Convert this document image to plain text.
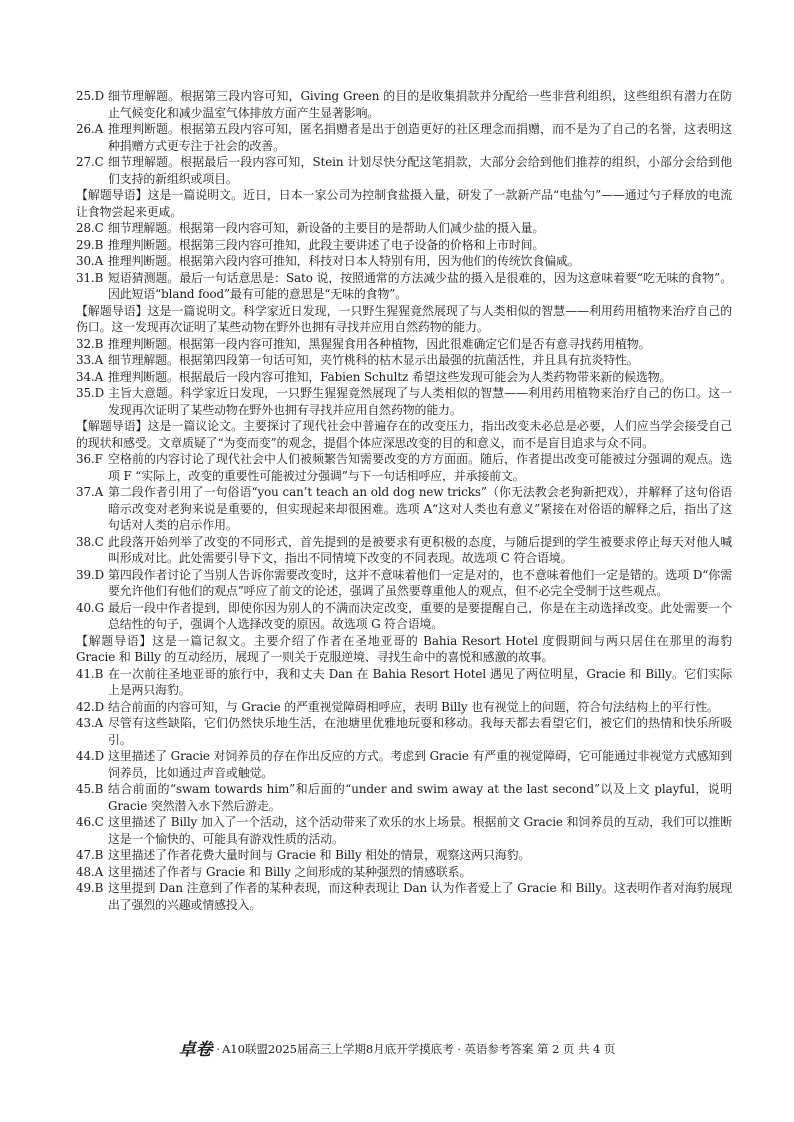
25.D 细节理解题。根据第三段内容可知，Giving Green 的目的是收集捐款并分配给一些非营利组织，这些组织有潜力在防止气候变化和减少温室气体排放方面产生显著影响。
26.A 推理判断题。根据第五段内容可知，匿名捐赠者是出于创造更好的社区理念而捐赠，而不是为了自己的名誉，这表明这种捐赠方式更专注于社会的改善。
27.C 细节理解题。根据最后一段内容可知，Stein 计划尽快分配这笔捐款，大部分会给到他们推荐的组织，小部分会给到他们支持的新组织或项目。
【解题导语】这是一篇说明文。近日，日本一家公司为控制食盐摄入量，研发了一款新产品“电盐勺”——通过勺子释放的电流让食物尝起来更咸。
28.C 细节理解题。根据第一段内容可知，新设备的主要目的是帮助人们减少盐的摄入量。
29.B 推理判断题。根据第三段内容可推知，此段主要讲述了电子设备的价格和上市时间。
30.A 推理判断题。根据第六段内容可推知，科技对日本人特别有用，因为他们的传统饮食偏咸。
31.B 短语猜测题。最后一句话意思是：Sato 说，按照通常的方法减少盐的摄入是很难的，因为这意味着要“吃无味的食物”。因此短语“bland food”最有可能的意思是“无味的食物”。
【解题导语】这是一篇说明文。科学家近日发现，一只野生猩猩竟然展现了与人类相似的智慧——利用药用植物来治疗自己的伤口。这一发现再次证明了某些动物在野外也拥有寻找并应用自然药物的能力。
32.B 推理判断题。根据第一段内容可推知，黑猩猩食用各种植物，因此很难确定它们是否有意寻找药用植物。
33.A 细节理解题。根据第四段第一句话可知，夹竹桃科的枯木显示出最强的抗菌活性，并且具有抗炎特性。
34.A 推理判断题。根据最后一段内容可推知，Fabien Schultz 希望这些发现可能会为人类药物带来新的候选物。
35.D 主旨大意题。科学家近日发现，一只野生猩猩竟然展现了与人类相似的智慧——利用药用植物来治疗自己的伤口。这一发现再次证明了某些动物在野外也拥有寻找并应用自然药物的能力。
【解题导语】这是一篇议论文。主要探讨了现代社会中普遍存在的改变压力，指出改变未必总是必要，人们应当学会接受自己的现状和感受。文章质疑了“为变而变”的观念，提倡个体应深思改变的目的和意义，而不是盲目追求与众不同。
36.F 空格前的内容讨论了现代社会中人们被频繁告知需要改变的方方面面。随后，作者提出改变可能被过分强调的观点。选项 F “实际上，改变的重要性可能被过分强调”与下一句话相呼应，并承接前文。
37.A 第二段作者引用了一句俗语“you can’t teach an old dog new tricks”（你无法教会老狗新把戏），并解释了这句俗语暗示改变对老狗来说是重要的，但实现起来却很困难。选项 A“这对人类也有意义”紧接在对俗语的解释之后，指出了这句话对人类的启示作用。
38.C 此段落开始列举了改变的不同形式，首先提到的是被要求有更积极的态度，与随后提到的学生被要求停止每天对他人喊叫形成对比。此处需要引导下文，指出不同情境下改变的不同表现。故选项 C 符合语境。
39.D 第四段作者讨论了当别人告诉你需要改变时，这并不意味着他们一定是对的，也不意味着他们一定是错的。选项 D“你需要允许他们有他们的观点”呼应了前文的论述，强调了虽然要尊重他人的观点，但不必完全受制于这些观点。
40.G 最后一段中作者提到，即使你因为别人的不满而决定改变，重要的是要提醒自己，你是在主动选择改变。此处需要一个总结性的句子，强调个人选择改变的原因。故选项 G 符合语境。
【解题导语】这是一篇记叙文。主要介绍了作者在圣地亚哥的 Bahia Resort Hotel 度假期间与两只居住在那里的海豹 Gracie 和 Billy 的互动经历，展现了一则关于克服逆境、寻找生命中的喜悦和感激的故事。
41.B 在一次前往圣地亚哥的旅行中，我和丈夫 Dan 在 Bahia Resort Hotel 遇见了两位明星，Gracie 和 Billy。它们实际上是两只海豹。
42.D 结合前面的内容可知，与 Gracie 的严重视觉障碍相呼应，表明 Billy 也有视觉上的问题，符合句法结构上的平行性。
43.A 尽管有这些缺陷，它们仍然快乐地生活，在池塘里优雅地玩耍和移动。我每天都去看望它们，被它们的热情和快乐所吸引。
44.D 这里描述了 Gracie 对饲养员的存在作出反应的方式。考虑到 Gracie 有严重的视觉障碍，它可能通过非视觉方式感知到饲养员，比如通过声音或触觉。
45.B 结合前面的“swam towards him”和后面的“under and swim away at the last second”以及上文 playful，说明 Gracie 突然潜入水下然后游走。
46.C 这里描述了 Billy 加入了一个活动，这个活动带来了欢乐的水上场景。根据前文 Gracie 和饲养员的互动，我们可以推断这是一个愉快的、可能具有游戏性质的活动。
47.B 这里描述了作者花费大量时间与 Gracie 和 Billy 相处的情景，观察这两只海豹。
48.A 这里描述了作者与 Gracie 和 Billy 之间形成的某种强烈的情感联系。
49.B 这里提到 Dan 注意到了作者的某种表现，而这种表现让 Dan 认为作者爱上了 Gracie 和 Billy。这表明作者对海豹展现出了强烈的兴趣或情感投入。
卓卷 · A10联盟2025届高三上学期8月底开学摸底考 · 英语参考答案 第 2 页 共 4 页
